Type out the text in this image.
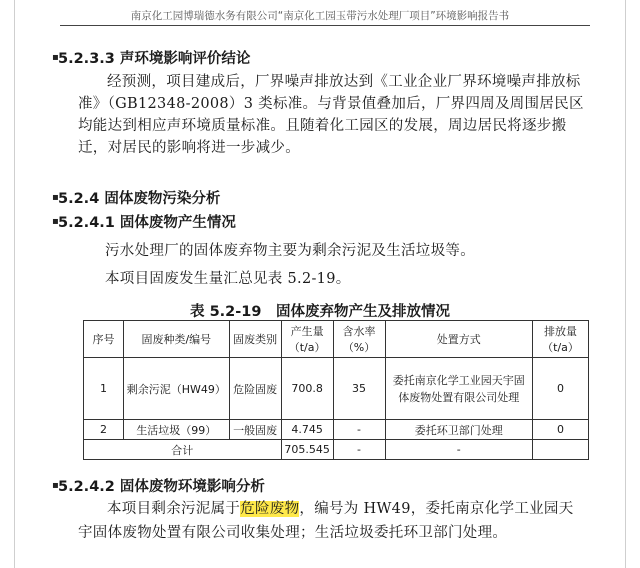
南京化工园博瑞德水务有限公司“南京化工园玉带污水处理厂项目”环境影响报告书
▪ 5.2.3.3 声环境影响评价结论
经预测，项目建成后，厂界噪声排放达到《工业企业厂界环境噪声排放标准》（GB12348-2008）3 类标准。与背景值叠加后，厂界四周及周围居民区均能达到相应声环境质量标准。且随着化工园区的发展，周边居民将逐步搬迁，对居民的影响将进一步减少。
▪ 5.2.4 固体废物污染分析
▪ 5.2.4.1 固体废物产生情况
污水处理厂的固体废弃物主要为剩余污泥及生活垃圾等。
本项目固废发生量汇总见表 5.2-19。
表 5.2-19　固体废弃物产生及排放情况
序号	固废种类/编号	固废类别	产生量（t/a）	含水率（%）	处置方式	排放量（t/a）
1	剩余污泥（HW49）	危险固废	700.8	35	委托南京化学工业园天宇固体废物处置有限公司处理	0
2	生活垃圾（99）	一般固废	4.745	-	委托环卫部门处理	0
合计			705.545	-	-	
▪ 5.2.4.2 固体废物环境影响分析
本项目剩余污泥属于危险废物，编号为 HW49，委托南京化学工业园天宇固体废物处置有限公司收集处理；生活垃圾委托环卫部门处理。
